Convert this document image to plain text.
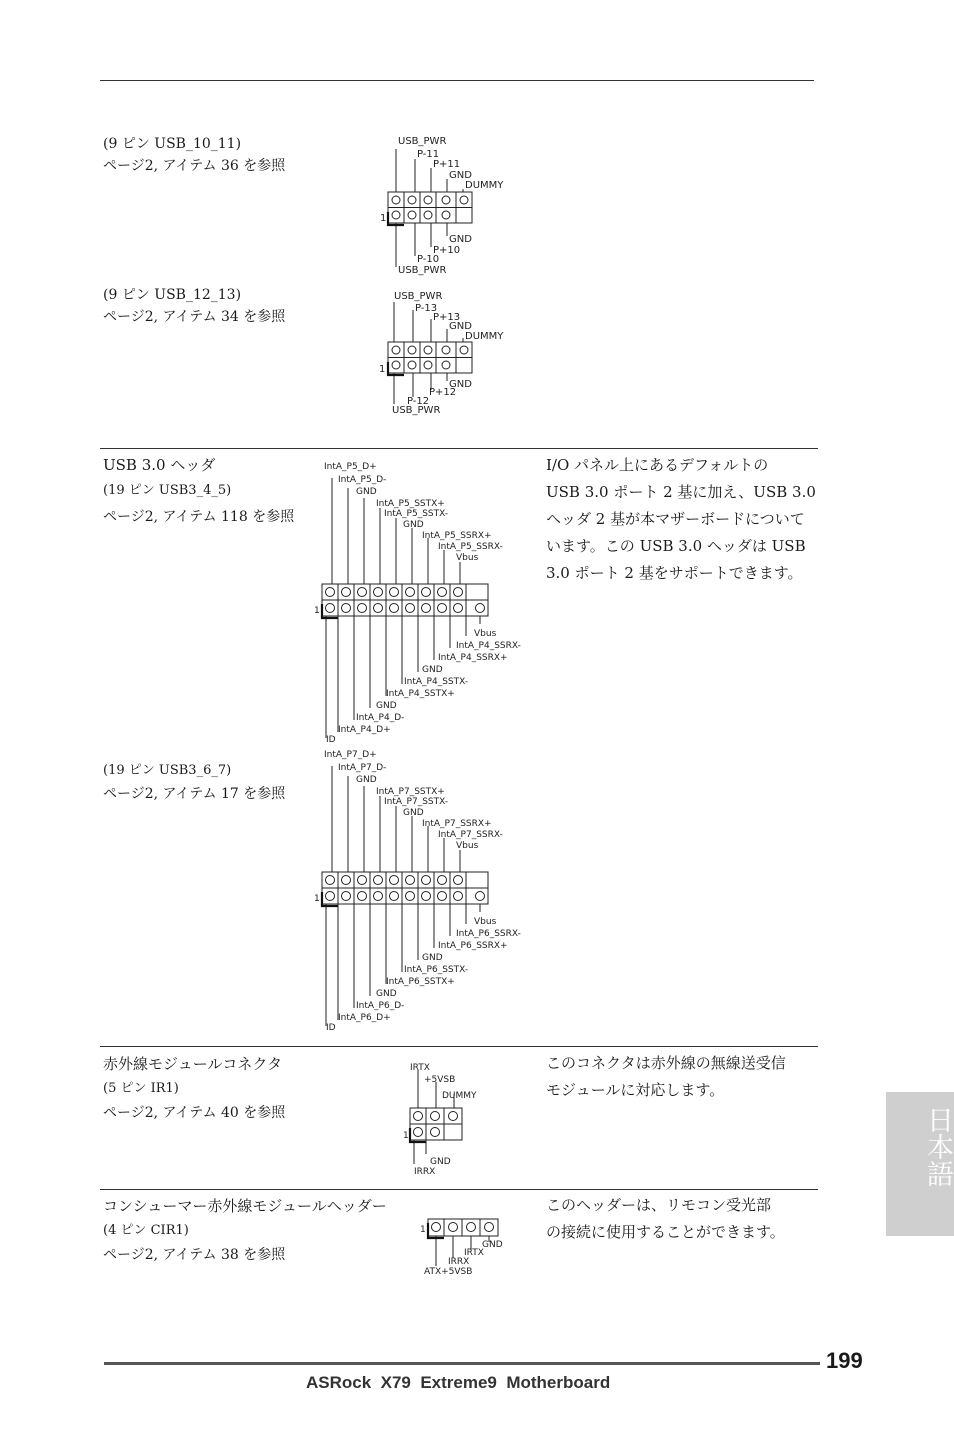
(9 ピン USB_10_11)
ページ2, アイテム 36 を参照
USB_PWR
P-11
P+11
GND
DUMMY
1
GND
P+10
P-10
USB_PWR
(9 ピン USB_12_13)
ページ2, アイテム 34 を参照
USB_PWR
P-13
P+13
GND
DUMMY
1
GND
P+12
P-12
USB_PWR
USB 3.0 ヘッダ
(19 ピン USB3_4_5)
ページ2, アイテム 118 を参照
I/O パネル上にあるデフォルトの
USB 3.0 ポート 2 基に加え、USB 3.0
ヘッダ 2 基が本マザーボードについて
います。この USB 3.0 ヘッダは USB
3.0 ポート 2 基をサポートできます。
IntA_P5_D+
IntA_P5_D-
GND
IntA_P5_SSTX+
IntA_P5_SSTX-
GND
IntA_P5_SSRX+
IntA_P5_SSRX-
Vbus
1
Vbus
IntA_P4_SSRX-
IntA_P4_SSRX+
GND
IntA_P4_SSTX-
IntA_P4_SSTX+
GND
IntA_P4_D-
IntA_P4_D+
ID
(19 ピン USB3_6_7)
ページ2, アイテム 17 を参照
IntA_P7_D+
IntA_P7_D-
GND
IntA_P7_SSTX+
IntA_P7_SSTX-
GND
IntA_P7_SSRX+
IntA_P7_SSRX-
Vbus
1
Vbus
IntA_P6_SSRX-
IntA_P6_SSRX+
GND
IntA_P6_SSTX-
IntA_P6_SSTX+
GND
IntA_P6_D-
IntA_P6_D+
ID
赤外線モジュールコネクタ
(5 ピン IR1)
ページ2, アイテム 40 を参照
このコネクタは赤外線の無線送受信
モジュールに対応します。
IRTX
+5VSB
DUMMY
1
GND
IRRX
コンシューマー赤外線モジュールヘッダー
(4 ピン CIR1)
ページ2, アイテム 38 を参照
このヘッダーは、リモコン受光部
の接続に使用することができます。
1
GND
IRTX
IRRX
ATX+5VSB
日本語
199
ASRock  X79  Extreme9  Motherboard
